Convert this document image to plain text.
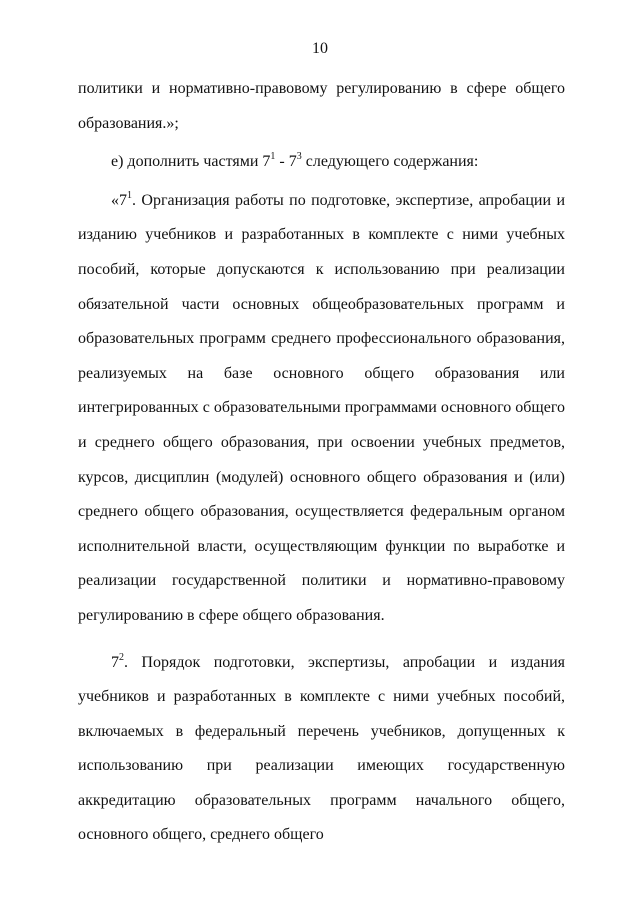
10

политики и нормативно-правовому регулированию в сфере общего образования.»;

е) дополнить частями $7^1 - 7^3$ следующего содержания:

«$7^1$. Организация работы по подготовке, экспертизе, апробации и изданию учебников и разработанных в комплекте с ними учебных пособий, которые допускаются к использованию при реализации обязательной части основных общеобразовательных программ и образовательных программ среднего профессионального образования, реализуемых на базе основного общего образования или интегрированных с образовательными программами основного общего и среднего общего образования, при освоении учебных предметов, курсов, дисциплин (модулей) основного общего образования и (или) среднего общего образования, осуществляется федеральным органом исполнительной власти, осуществляющим функции по выработке и реализации государственной политики и нормативно-правовому регулированию в сфере общего образования.

$7^2$. Порядок подготовки, экспертизы, апробации и издания учебников и разработанных в комплекте с ними учебных пособий, включаемых в федеральный перечень учебников, допущенных к использованию при реализации имеющих государственную аккредитацию образовательных программ начального общего, основного общего, среднего общего
